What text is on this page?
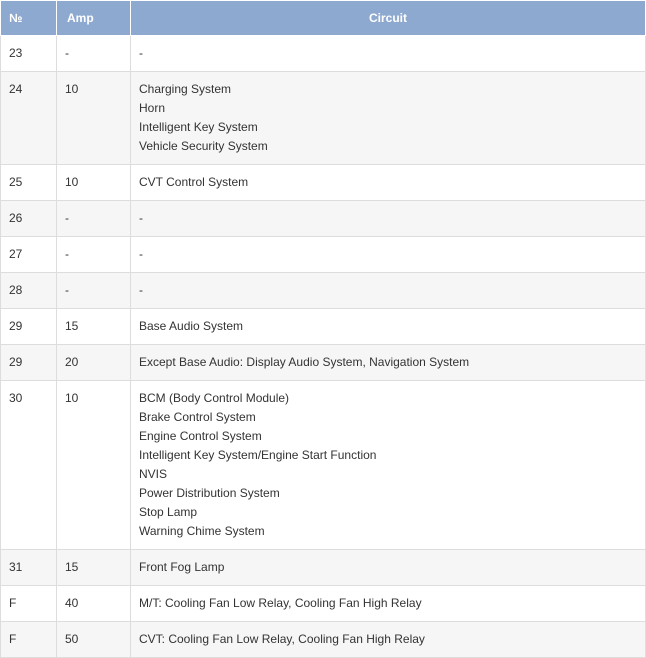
№	Amp	Circuit
23	-	-

24	10	Charging System
Horn
Intelligent Key System
Vehicle Security System

25	10	CVT Control System

26	-	-

27	-	-

28	-	-

29	15	Base Audio System

29	20	Except Base Audio: Display Audio System, Navigation System

30	10	BCM (Body Control Module)
Brake Control System
Engine Control System
Intelligent Key System/Engine Start Function
NVIS
Power Distribution System
Stop Lamp
Warning Chime System

31	15	Front Fog Lamp

F	40	M/T: Cooling Fan Low Relay, Cooling Fan High Relay

F	50	CVT: Cooling Fan Low Relay, Cooling Fan High Relay
